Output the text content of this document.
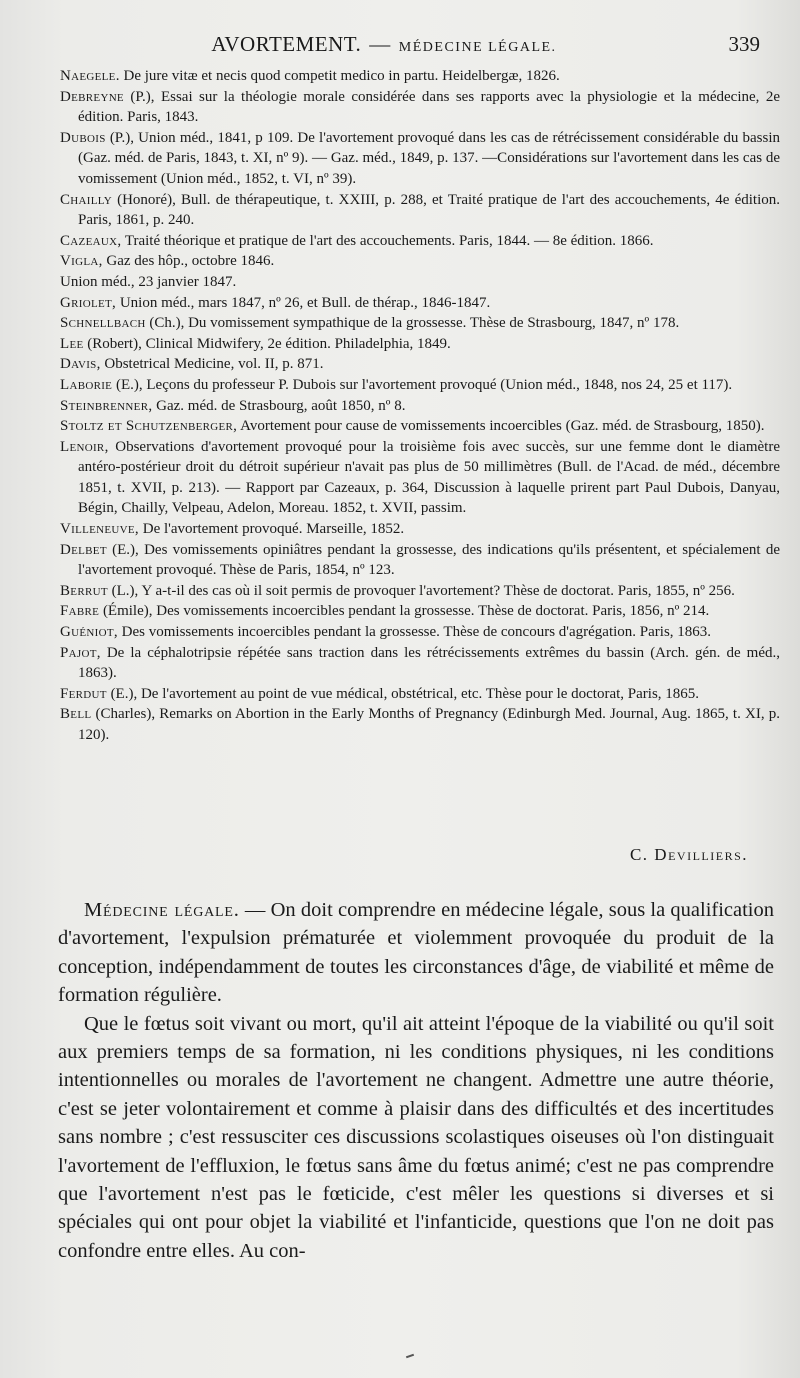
AVORTEMENT. — MÉDECINE LÉGALE.	339

Naegele. De jure vitæ et necis quod competit medico in partu. Heidelbergæ, 1826.

Debreyne (P.), Essai sur la théologie morale considérée dans ses rapports avec la physiologie et la médecine, 2e édition. Paris, 1843.

Dubois (P.), Union méd., 1841, p 109. De l'avortement provoqué dans les cas de rétrécissement considérable du bassin (Gaz. méd. de Paris, 1843, t. XI, nº 9). — Gaz. méd., 1849, p. 137. —Considérations sur l'avortement dans les cas de vomissement (Union méd., 1852, t. VI, nº 39).

Chailly (Honoré), Bull. de thérapeutique, t. XXIII, p. 288, et Traité pratique de l'art des accouchements, 4e édition. Paris, 1861, p. 240.

Cazeaux, Traité théorique et pratique de l'art des accouchements. Paris, 1844. — 8e édition. 1866.

Vigla, Gaz des hôp., octobre 1846.

Union méd., 23 janvier 1847.

Griolet, Union méd., mars 1847, nº 26, et Bull. de thérap., 1846-1847.

Schnellbach (Ch.), Du vomissement sympathique de la grossesse. Thèse de Strasbourg, 1847, nº 178.

Lee (Robert), Clinical Midwifery, 2e édition. Philadelphia, 1849.

Davis, Obstetrical Medicine, vol. II, p. 871.

Laborie (E.), Leçons du professeur P. Dubois sur l'avortement provoqué (Union méd., 1848, nos 24, 25 et 117).

Steinbrenner, Gaz. méd. de Strasbourg, août 1850, nº 8.

Stoltz et Schutzenberger, Avortement pour cause de vomissements incoercibles (Gaz. méd. de Strasbourg, 1850).

Lenoir, Observations d'avortement provoqué pour la troisième fois avec succès, sur une femme dont le diamètre antéro-postérieur droit du détroit supérieur n'avait pas plus de 50 millimètres (Bull. de l'Acad. de méd., décembre 1851, t. XVII, p. 213). — Rapport par Cazeaux, p. 364, Discussion à laquelle prirent part Paul Dubois, Danyau, Bégin, Chailly, Velpeau, Adelon, Moreau. 1852, t. XVII, passim.

Villeneuve, De l'avortement provoqué. Marseille, 1852.

Delbet (E.), Des vomissements opiniâtres pendant la grossesse, des indications qu'ils présentent, et spécialement de l'avortement provoqué. Thèse de Paris, 1854, nº 123.

Berrut (L.), Y a-t-il des cas où il soit permis de provoquer l'avortement? Thèse de doctorat. Paris, 1855, nº 256.

Fabre (Émile), Des vomissements incoercibles pendant la grossesse. Thèse de doctorat. Paris, 1856, nº 214.

Guéniot, Des vomissements incoercibles pendant la grossesse. Thèse de concours d'agrégation. Paris, 1863.

Pajot, De la céphalotripsie répétée sans traction dans les rétrécissements extrêmes du bassin (Arch. gén. de méd., 1863).

Ferdut (E.), De l'avortement au point de vue médical, obstétrical, etc. Thèse pour le doctorat, Paris, 1865.

Bell (Charles), Remarks on Abortion in the Early Months of Pregnancy (Edinburgh Med. Journal, Aug. 1865, t. XI, p. 120).

C. Devilliers.

Médecine légale. — On doit comprendre en médecine légale, sous la qualification d'avortement, l'expulsion prématurée et violemment provoquée du produit de la conception, indépendamment de toutes les circonstances d'âge, de viabilité et même de formation régulière.

Que le fœtus soit vivant ou mort, qu'il ait atteint l'époque de la viabilité ou qu'il soit aux premiers temps de sa formation, ni les conditions physiques, ni les conditions intentionnelles ou morales de l'avortement ne changent. Admettre une autre théorie, c'est se jeter volontairement et comme à plaisir dans des difficultés et des incertitudes sans nombre ; c'est ressusciter ces discussions scolastiques oiseuses où l'on distinguait l'avortement de l'effluxion, le fœtus sans âme du fœtus animé; c'est ne pas comprendre que l'avortement n'est pas le fœticide, c'est mêler les questions si diverses et si spéciales qui ont pour objet la viabilité et l'infanticide, questions que l'on ne doit pas confondre entre elles. Au con-
